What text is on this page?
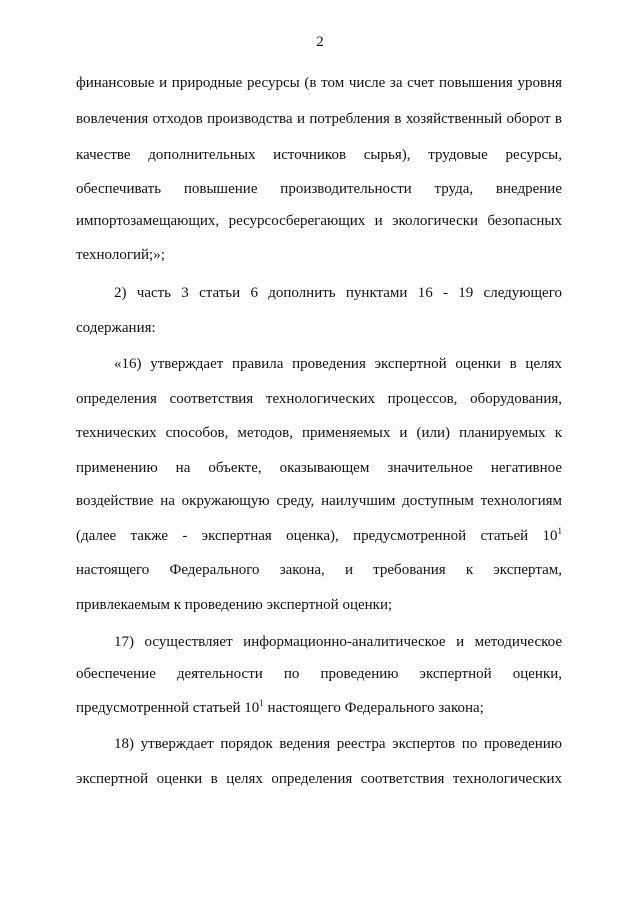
2
финансовые и природные ресурсы (в том числе за счет повышения уровня
вовлечения отходов производства и потребления в хозяйственный оборот в
качестве дополнительных источников сырья), трудовые ресурсы,
обеспечивать повышение производительности труда, внедрение
импортозамещающих, ресурсосберегающих и экологически безопасных
технологий;»;
2) часть 3 статьи 6 дополнить пунктами 16 - 19 следующего
содержания:
«16) утверждает правила проведения экспертной оценки в целях
определения соответствия технологических процессов, оборудования,
технических способов, методов, применяемых и (или) планируемых к
применению на объекте, оказывающем значительное негативное
воздействие на окружающую среду, наилучшим доступным технологиям
(далее также - экспертная оценка), предусмотренной статьей $10^1$
настоящего Федерального закона, и требования к экспертам,
привлекаемым к проведению экспертной оценки;
17) осуществляет информационно-аналитическое и методическое
обеспечение деятельности по проведению экспертной оценки,
предусмотренной статьей $10^1$ настоящего Федерального закона;
18) утверждает порядок ведения реестра экспертов по проведению
экспертной оценки в целях определения соответствия технологических
